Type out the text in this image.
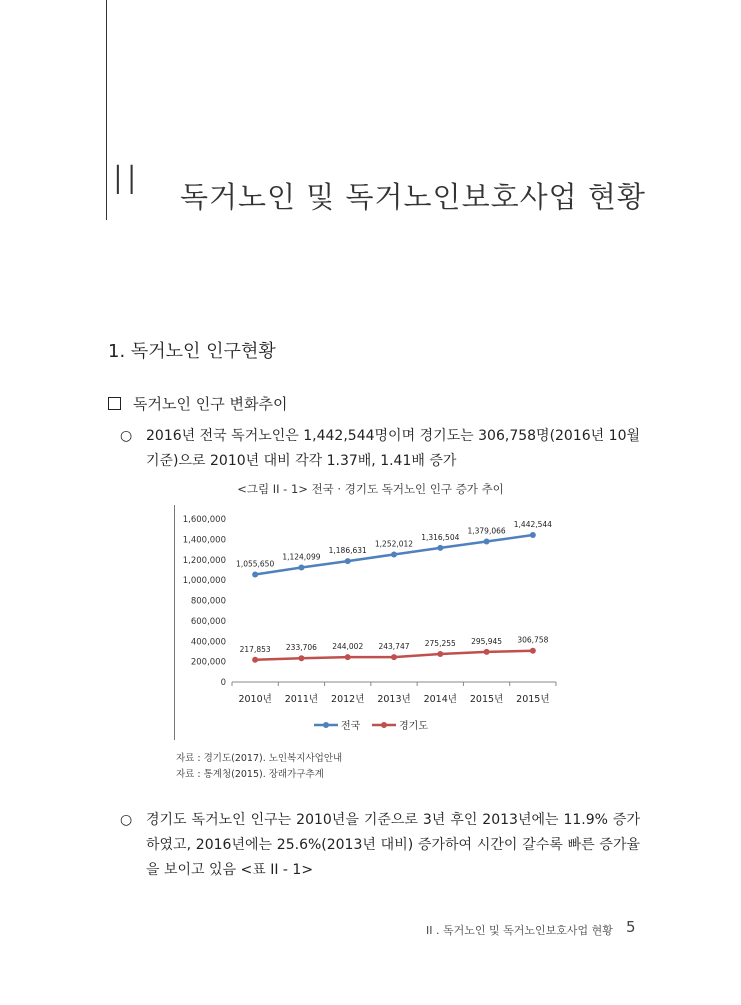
II 독거노인 및 독거노인보호사업 현황
1. 독거노인 인구현황
독거노인 인구 변화추이
○ 2016년 전국 독거노인은 1,442,544명이며 경기도는 306,758명(2016년 10월 기준)으로 2010년 대비 각각 1.37배, 1.41배 증가
<그림 II - 1> 전국 · 경기도 독거노인 인구 증가 추이
0
200,000
400,000
600,000
800,000
1,000,000
1,200,000
1,400,000
1,600,000
2010년 2011년 2012년 2013년 2014년 2015년 2015년
1,055,650
1,124,099
1,186,631
1,252,012
1,316,504
1,379,066
1,442,544
217,853 233,706 244,002 243,747 275,255 295,945 306,758
전국	경기도
자료 : 경기도(2017). 노인복지사업안내
자료 : 통계청(2015). 장래가구추계
○ 경기도 독거노인 인구는 2010년을 기준으로 3년 후인 2013년에는 11.9% 증가하였고, 2016년에는 25.6%(2013년 대비) 증가하여 시간이 갈수록 빠른 증가율을 보이고 있음 <표 II - 1>
II . 독거노인 및 독거노인보호사업 현황 5
